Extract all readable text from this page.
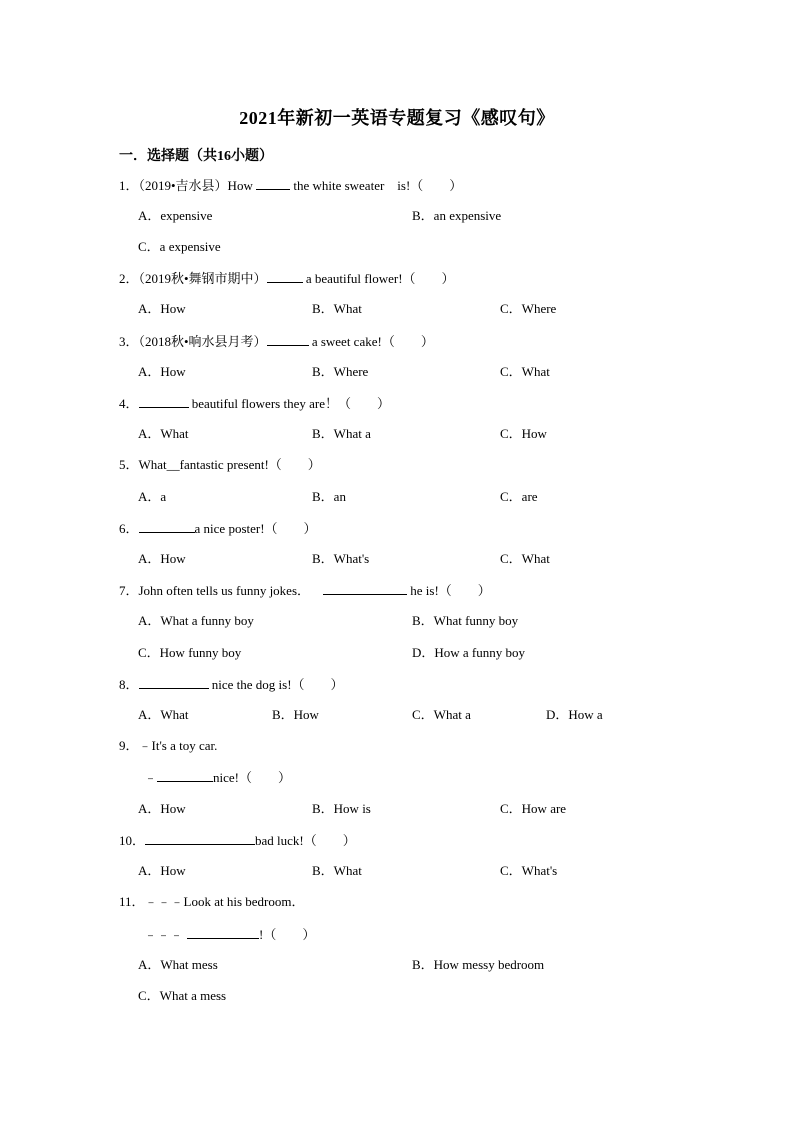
2021年新初一英语专题复习《感叹句》
一．选择题（共16小题）
1．（2019•吉水县）How	the white sweater    is!（　　）
A．expensive	B．an expensive
C．a expensive
2．（2019秋•舞钢市期中）	a beautiful flower!（　　）
A．How	B．What	C．Where
3．（2018秋•响水县月考）	a sweet cake!（　　）
A．How	B．Where	C．What
4．	beautiful flowers they are！（　　）
A．What	B．What a	C．How
5．What__fantastic present!（　　）
A．a	B．an	C．are
6．	a nice poster!（　　）
A．How	B．What's	C．What
7．John often tells us funny jokes．	he is!（　　）
A．What a funny boy	B．What funny boy
C．How funny boy	D．How a funny boy
8．	nice the dog is!（　　）
A．What	B．How	C．What a	D．How a
9．﹣It's a toy car.
﹣	nice!（　　）
A．How	B．How is	C．How are
10．	bad luck!（　　）
A．How	B．What	C．What's
11．﹣﹣﹣Look at his bedroom．
﹣﹣﹣	!（　　）
A．What mess	B．How messy bedroom
C．What a mess
